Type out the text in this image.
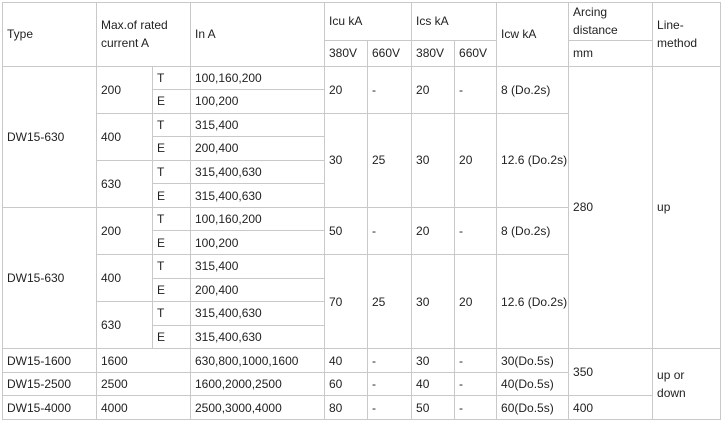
Type	Max.of rated current A		In A	Icu kA		Ics kA		Icw kA	Arcing distance	Line-method
				380V	660V	380V	660V		mm	
DW15-630	200	T	100,160,200	20	-	20	-	8 (Do.2s)	280	up
		E	100,200							
	400	T	315,400	30	25	30	20	12.6 (Do.2s)		
		E	200,400							
	630	T	315,400,630							
		E	315,400,630							
DW15-630	200	T	100,160,200	50	-	20	-	8 (Do.2s)		
		E	100,200							
	400	T	315,400	70	25	30	20	12.6 (Do.2s)		
		E	200,400							
	630	T	315,400,630							
		E	315,400,630							
DW15-1600	1600		630,800,1000,1600	40	-	30	-	30(Do.5s)	350	up or down
DW15-2500	2500		1600,2000,2500	60	-	40	-	40(Do.5s)		
DW15-4000	4000		2500,3000,4000	80	-	50	-	60(Do.5s)	400	
